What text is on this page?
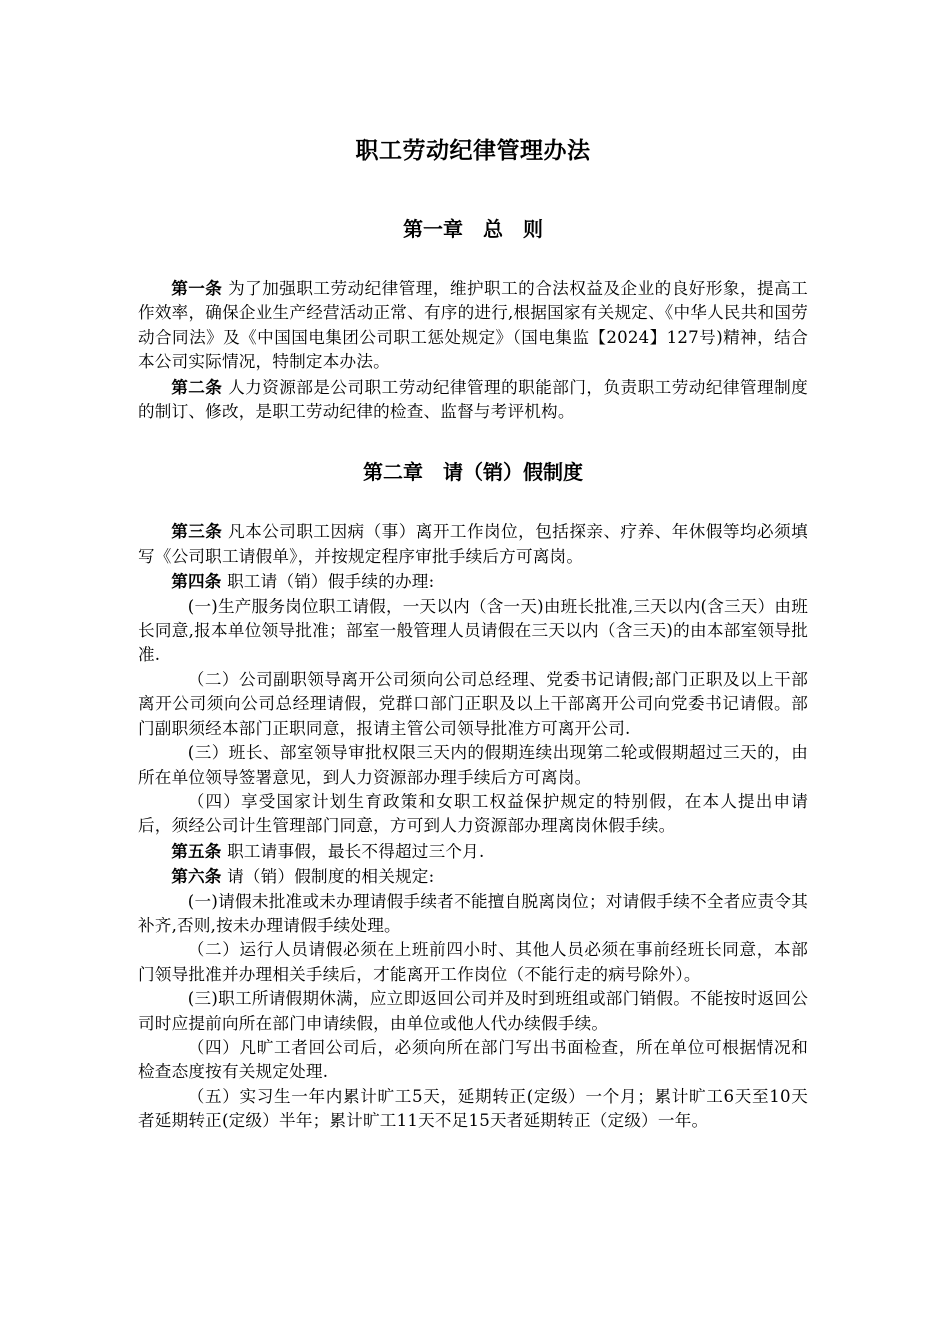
职工劳动纪律管理办法
第一章　总　则

第一条 为了加强职工劳动纪律管理，维护职工的合法权益及企业的良好形象，提高工作效率，确保企业生产经营活动正常、有序的进行,根据国家有关规定、《中华人民共和国劳动合同法》及《中国国电集团公司职工惩处规定》（国电集监【2024】127号)精神，结合本公司实际情况，特制定本办法。

第二条 人力资源部是公司职工劳动纪律管理的职能部门，负责职工劳动纪律管理制度的制订、修改，是职工劳动纪律的检查、监督与考评机构。

第二章　请（销）假制度

第三条 凡本公司职工因病（事）离开工作岗位，包括探亲、疗养、年休假等均必须填写《公司职工请假单》，并按规定程序审批手续后方可离岗。

第四条 职工请（销）假手续的办理:

(一)生产服务岗位职工请假，一天以内（含一天)由班长批准,三天以内(含三天）由班长同意,报本单位领导批准；部室一般管理人员请假在三天以内（含三天)的由本部室领导批准.

（二）公司副职领导离开公司须向公司总经理、党委书记请假;部门正职及以上干部离开公司须向公司总经理请假，党群口部门正职及以上干部离开公司向党委书记请假。部门副职须经本部门正职同意，报请主管公司领导批准方可离开公司.

(三）班长、部室领导审批权限三天内的假期连续出现第二轮或假期超过三天的，由所在单位领导签署意见，到人力资源部办理手续后方可离岗。

（四）享受国家计划生育政策和女职工权益保护规定的特别假，在本人提出申请后，须经公司计生管理部门同意，方可到人力资源部办理离岗休假手续。

第五条 职工请事假，最长不得超过三个月.

第六条 请（销）假制度的相关规定:

(一)请假未批准或未办理请假手续者不能擅自脱离岗位；对请假手续不全者应责令其补齐,否则,按未办理请假手续处理。

（二）运行人员请假必须在上班前四小时、其他人员必须在事前经班长同意，本部门领导批准并办理相关手续后，才能离开工作岗位（不能行走的病号除外）。

(三)职工所请假期休满，应立即返回公司并及时到班组或部门销假。不能按时返回公司时应提前向所在部门申请续假，由单位或他人代办续假手续。

（四）凡旷工者回公司后，必须向所在部门写出书面检查，所在单位可根据情况和检查态度按有关规定处理.

（五）实习生一年内累计旷工5天，延期转正(定级）一个月；累计旷工6天至10天者延期转正(定级）半年；累计旷工11天不足15天者延期转正（定级）一年。
